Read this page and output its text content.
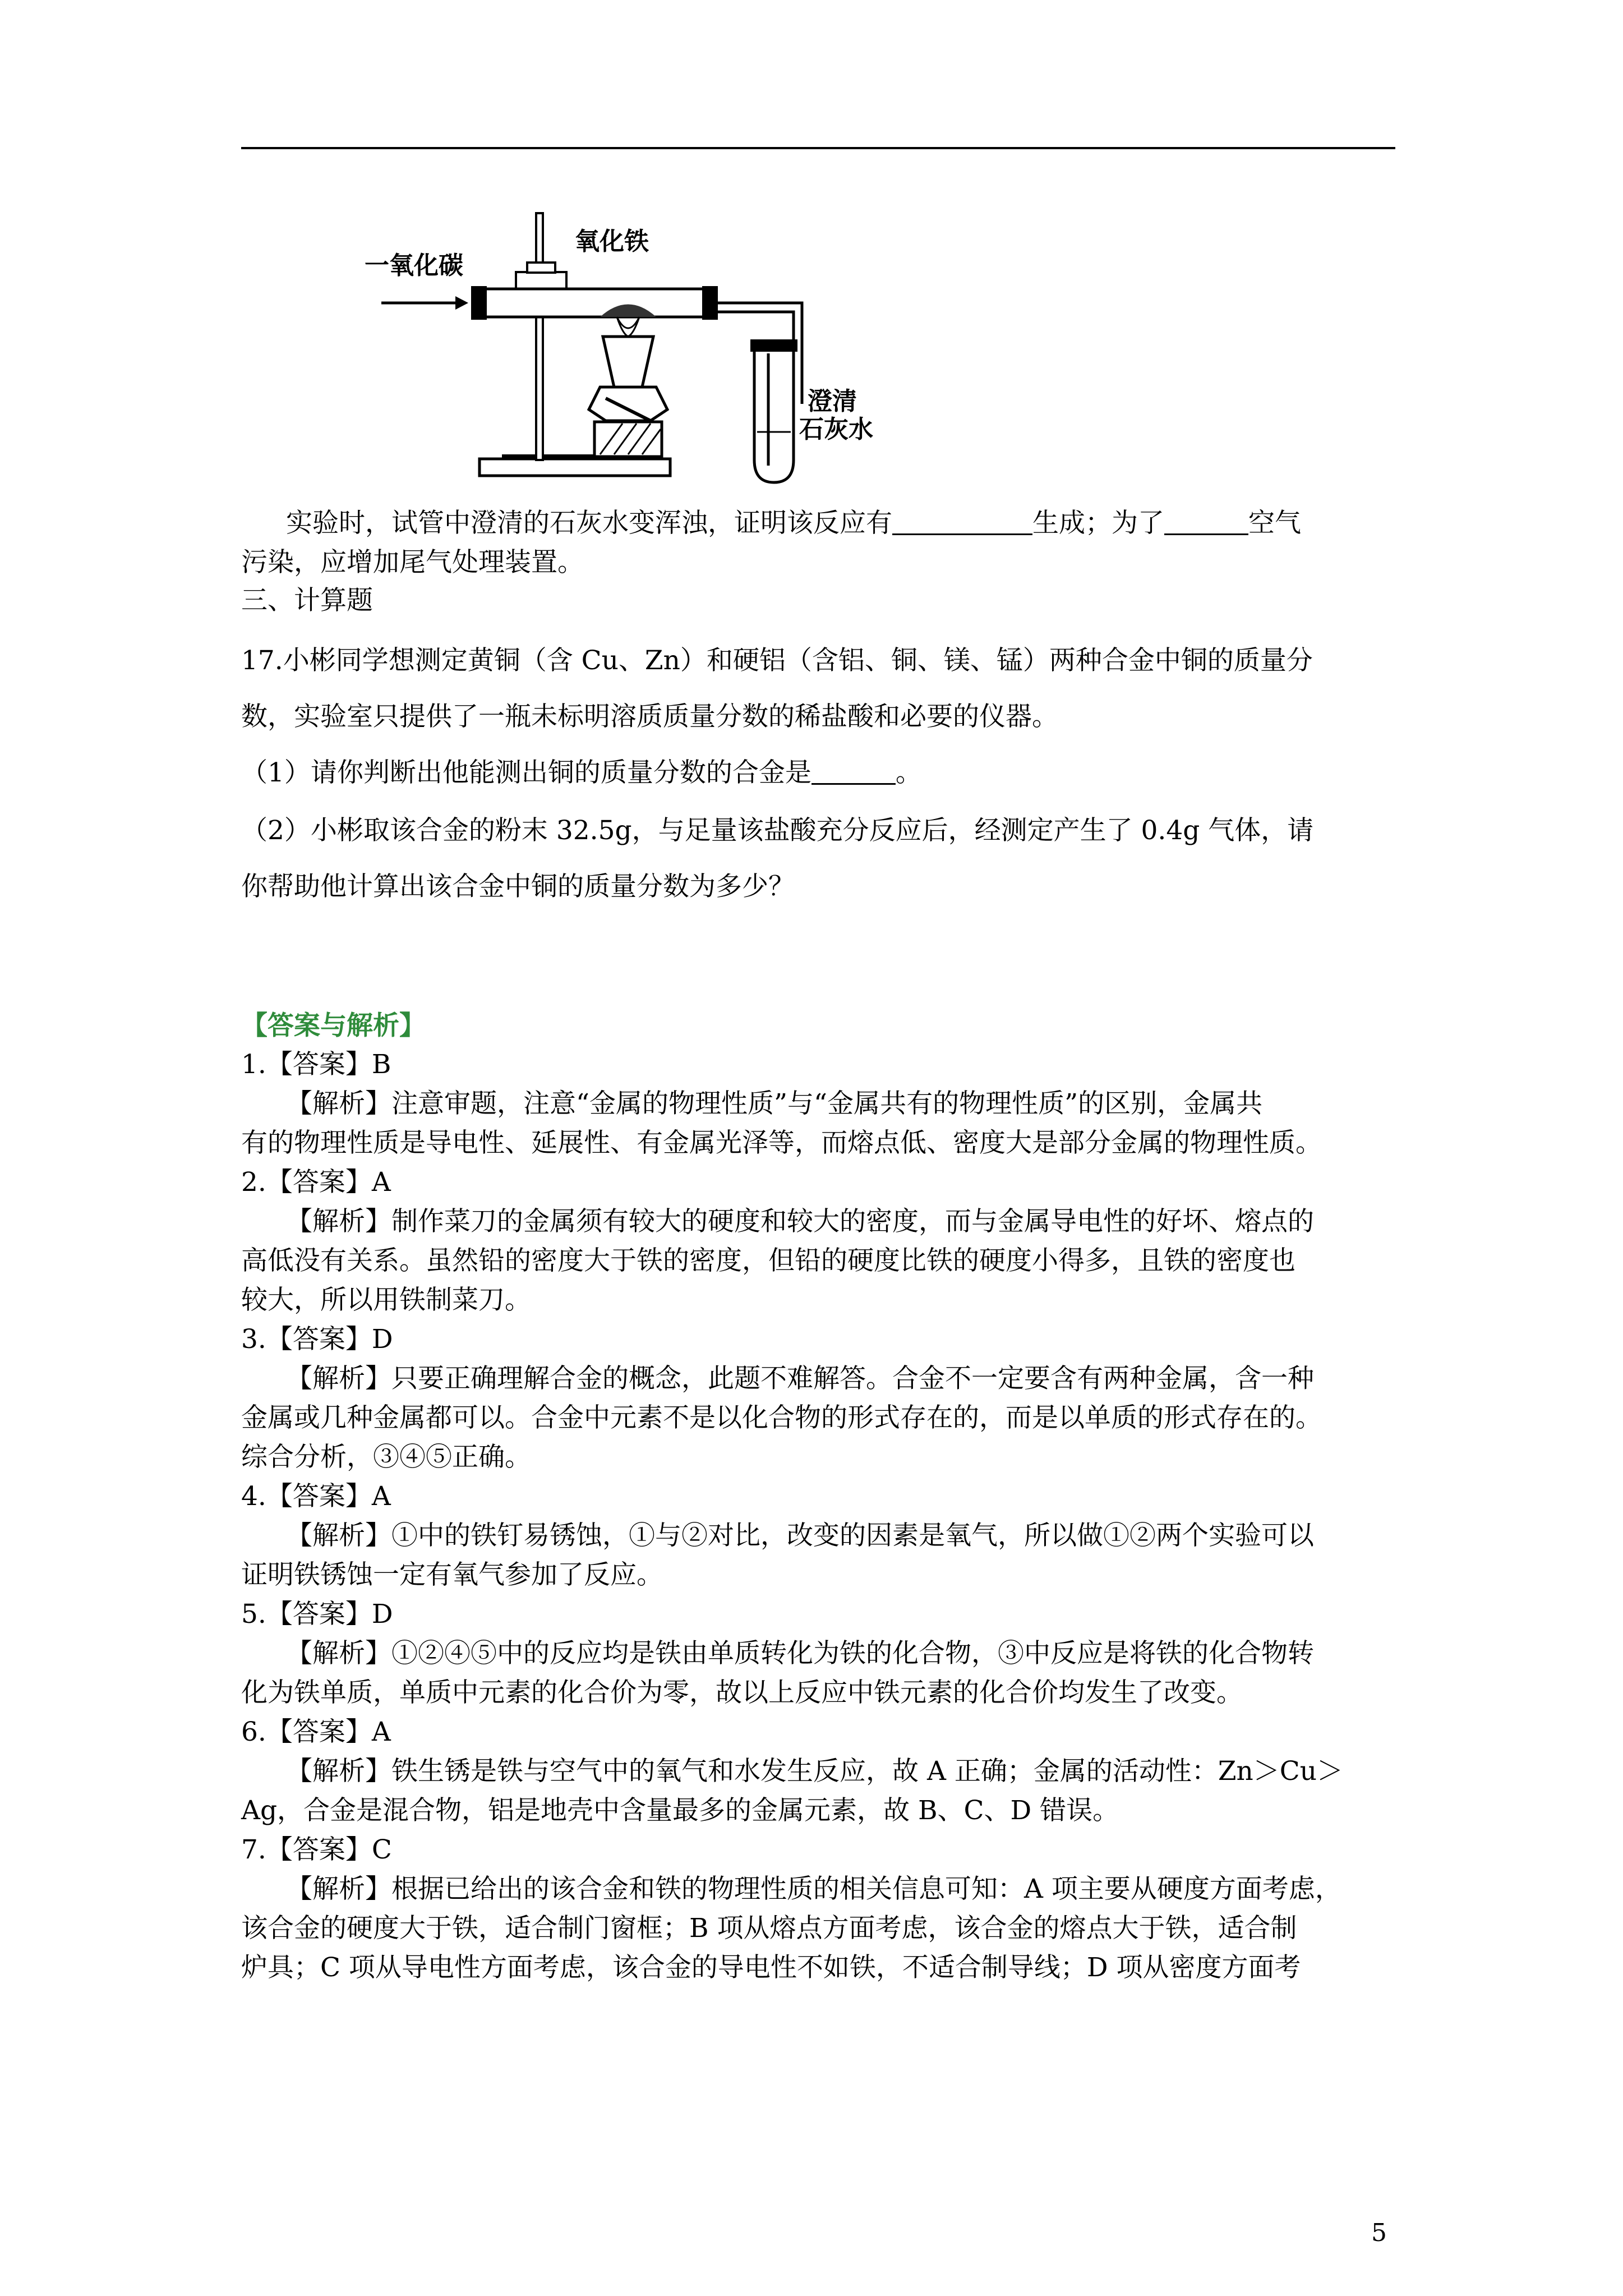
一氧化碳
氧化铁
澄清
石灰水
实验时，试管中澄清的石灰水变浑浊，证明该反应有	生成；为了	空气
污染，应增加尾气处理装置。
三、计算题
17.小彬同学想测定黄铜（含 Cu、Zn）和硬铝（含铝、铜、镁、锰）两种合金中铜的质量分
数，实验室只提供了一瓶未标明溶质质量分数的稀盐酸和必要的仪器。
（1）请你判断出他能测出铜的质量分数的合金是	。
（2）小彬取该合金的粉末 32.5g，与足量该盐酸充分反应后，经测定产生了 0.4g 气体，请
你帮助他计算出该合金中铜的质量分数为多少？
【答案与解析】
1.【答案】B
【解析】注意审题，注意“金属的物理性质”与“金属共有的物理性质”的区别，金属共
有的物理性质是导电性、延展性、有金属光泽等，而熔点低、密度大是部分金属的物理性质。
2.【答案】A
【解析】制作菜刀的金属须有较大的硬度和较大的密度，而与金属导电性的好坏、熔点的
高低没有关系。虽然铅的密度大于铁的密度，但铅的硬度比铁的硬度小得多，且铁的密度也
较大，所以用铁制菜刀。
3.【答案】D
【解析】只要正确理解合金的概念，此题不难解答。合金不一定要含有两种金属，含一种
金属或几种金属都可以。合金中元素不是以化合物的形式存在的，而是以单质的形式存在的。
综合分析，③④⑤正确。
4.【答案】A
【解析】①中的铁钉易锈蚀，①与②对比，改变的因素是氧气，所以做①②两个实验可以
证明铁锈蚀一定有氧气参加了反应。
5.【答案】D
【解析】①②④⑤中的反应均是铁由单质转化为铁的化合物，③中反应是将铁的化合物转
化为铁单质，单质中元素的化合价为零，故以上反应中铁元素的化合价均发生了改变。
6.【答案】A
【解析】铁生锈是铁与空气中的氧气和水发生反应，故 A 正确；金属的活动性：Zn＞Cu＞
Ag，合金是混合物，铝是地壳中含量最多的金属元素，故 B、C、D 错误。
7.【答案】C
【解析】根据已给出的该合金和铁的物理性质的相关信息可知：A 项主要从硬度方面考虑，
该合金的硬度大于铁，适合制门窗框；B 项从熔点方面考虑，该合金的熔点大于铁，适合制
炉具；C 项从导电性方面考虑，该合金的导电性不如铁，不适合制导线；D 项从密度方面考
5
